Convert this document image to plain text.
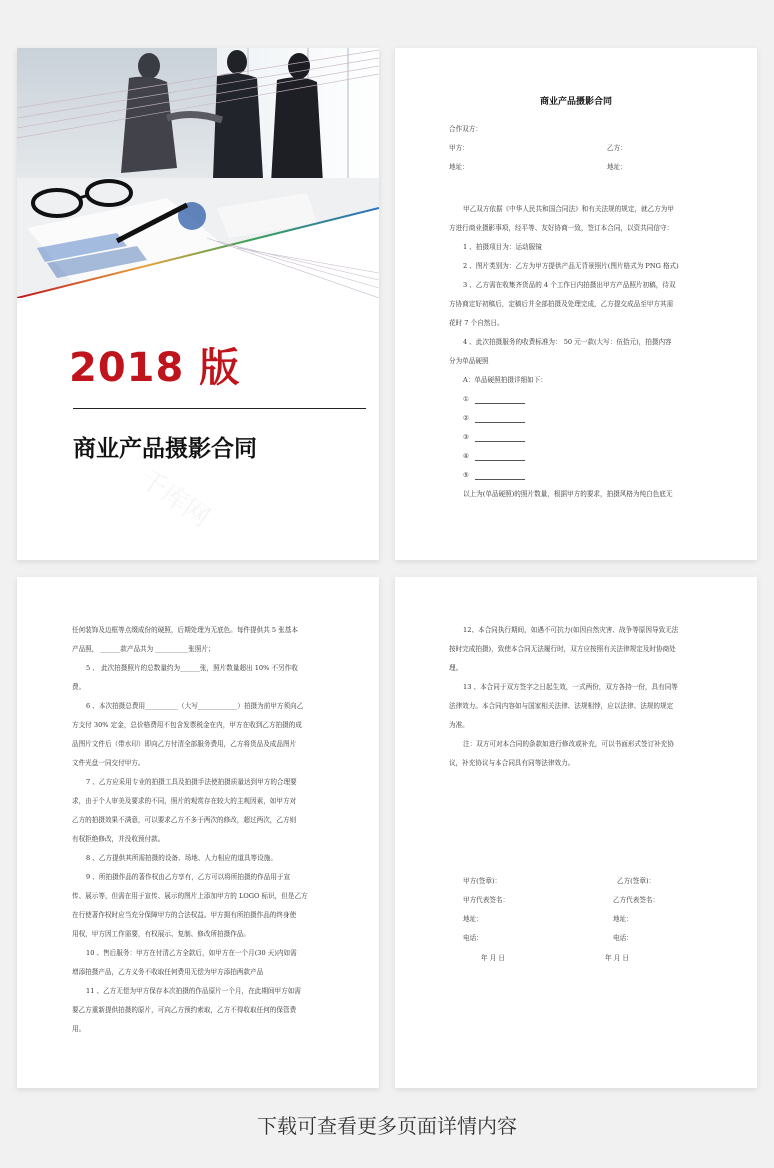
2018 版
商业产品摄影合同
商业产品摄影合同

合作双方：

甲方：	乙方：

地址：	地址：

甲乙双方依据《中华人民共和国合同法》和有关法规的规定，就乙方为甲

方进行商业摄影事项，经平等、友好协商一致，签订本合同，以资共同信守：

1 、拍摄项目为：运动服镜

2 、图片类别为：乙方为甲方提供产品无背景照片(图片格式为 PNG 格式)

3 、乙方需在收集齐货品的 4 个工作日内拍摄出甲方产品照片初稿，待双

方协商定好初稿后，定稿后并全部拍摄及处理完成，乙方提交成品至甲方其需

花时 7 个自然日。

4 、此次拍摄服务的收费标准为： 50 元一款(大写：伍拾元)，拍摄内容

分为单品硬照

A：单品硬照拍摄详细如下：

①

②

③

④

⑤

以上为(单品硬照)的照片数量，根据甲方的要求，拍摄风格为纯白色底无

任何装饰及边框等点缀成份的硬照，后期处理为无底色。每件提供共 5 张基本

产品照， ______款产品共为 __________张照片；

5 、 此次拍摄照片的总数量约为______张，照片数量超出 10% 不另作收

费。

6 、本次拍摄总费用__________（大写____________）拍摄为前甲方须向乙

方支付 30% 定金，总价格费用不包含发票税金在内，甲方在收到乙方拍摄的成

品图片文件后（带水印）即向乙方付清全部服务费用，乙方将货品及成品图片

文件光盘一同交付甲方。

7 、乙方应采用专业的拍摄工具及拍摄手法使拍摄质量达到甲方的合理要

求，由于个人审美及要求的不同，照片的观赏存在较大的主观因素，如甲方对

乙方的拍摄效果不满意，可以要求乙方不多于两次的修改，超过两次，乙方则

有权拒绝修改，并没收预付款。

8 、乙方提供其所需拍摄的设备、场地、人力相应的道具等设施。

9 、所拍摄作品的著作权由乙方享有，乙方可以将所拍摄的作品用于宣

传、展示等，但需在用于宣传、展示的图片上添加甲方的 LOGO 标识，但是乙方

在行使著作权时应当充分保障甲方的合法权益。甲方拥有所拍摄作品的终身使

用权，甲方因工作需要，有权展示、复制、修改所拍摄作品。

10 、售后服务：甲方在付清乙方全款后，如甲方在一个月(30 天)内如需

增添拍摄产品，乙方义务不收取任何费用无偿为甲方添拍两款产品

11 、乙方无偿为甲方保存本次拍摄的作品原片一个月，在此期间甲方如需

要乙方重新提供拍摄的原片，可向乙方预约索取，乙方不得收取任何的保管费

用。

12、本合同执行期间，如遇不可抗力(如因自然灾害、战争等原因导致无法

按时完成拍摄)，致使本合同无法履行时，双方应按照有关法律规定及时协商处

理。

13 、本合同于双方签字之日起生效，一式两份，双方各持一份，具有同等

法律效力。本合同内容如与国家相关法律、法规相悖，应以法律、法规的规定

为准。

注：双方可对本合同的条款如进行修改或补充，可以书面形式签订补充协

议，补充协议与本合同具有同等法律效力。

甲方(签章)：	乙方(签章)：
甲方代表签名：	乙方代表签名：
地址：	地址：
电话：	电话：
年 月 日	年 月 日
下载可查看更多页面详情内容
